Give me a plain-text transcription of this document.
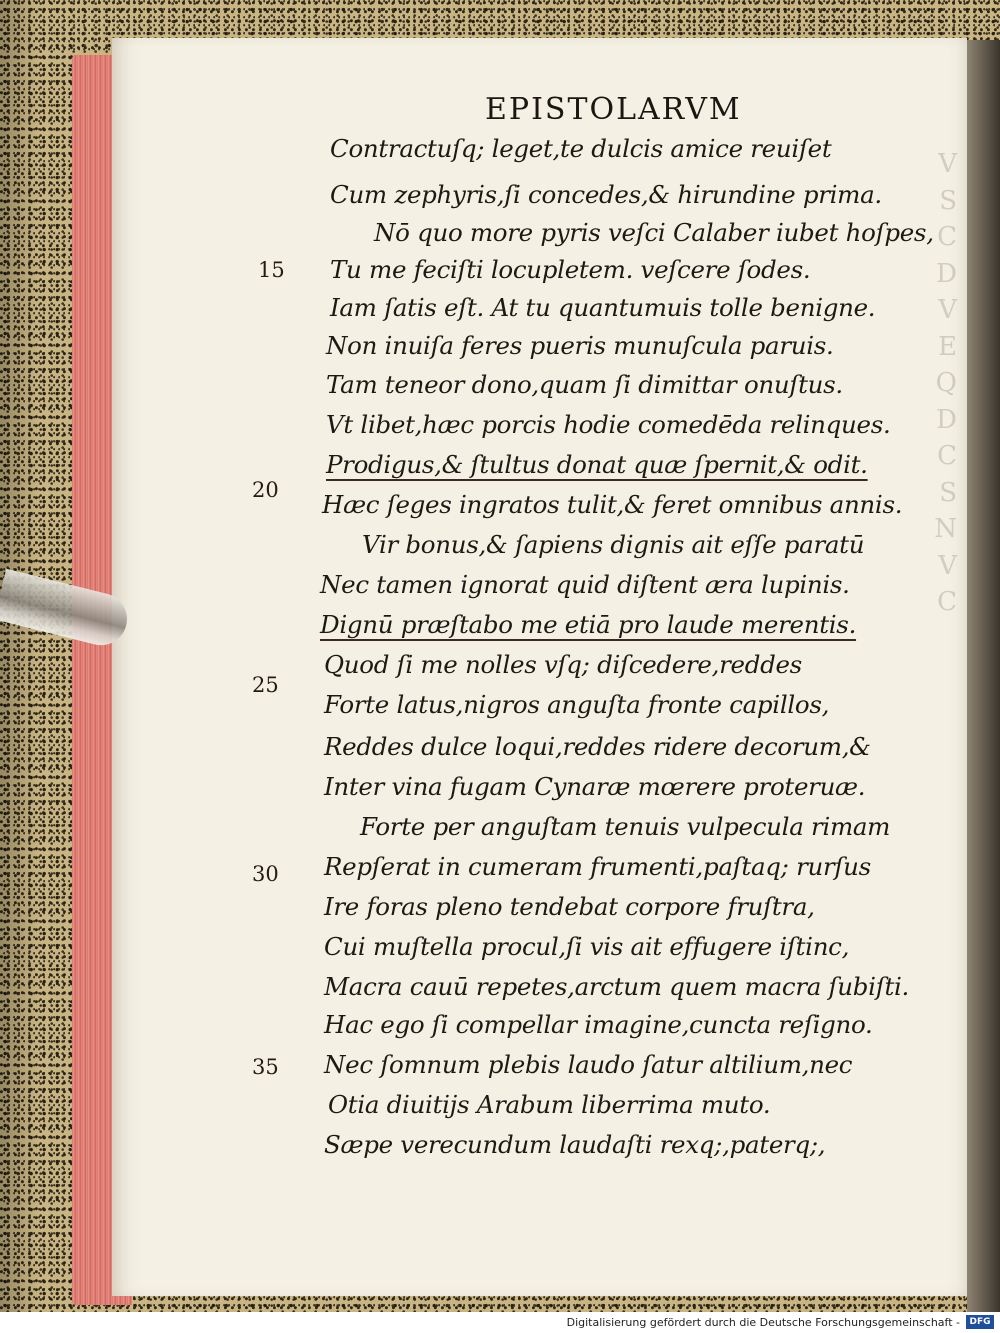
V
S
C
D
V
E
Q
D
C
S
N
V
C
EPISTOLARVM
Contractuſq; leget,te dulcis amice reuiſet
Cum zephyris,ſi concedes,& hirundine prima.
Nō quo more pyris veſci Calaber iubet hoſpes,
Tu me feciſti locupletem. veſcere ſodes.
Iam ſatis eſt. At tu quantumuis tolle benigne.
Non inuiſa feres pueris munuſcula paruis.
Tam teneor dono,quam ſi dimittar onuſtus.
Vt libet,hæc porcis hodie comedēda relinques.
Prodigus,& ſtultus donat quæ ſpernit,& odit.
Hæc ſeges ingratos tulit,& feret omnibus annis.
Vir bonus,& ſapiens dignis ait eſſe paratū
Nec tamen ignorat quid diſtent æra lupinis.
Dignū præſtabo me etiā pro laude merentis.
Quod ſi me nolles vſq; diſcedere,reddes
Forte latus,nigros anguſta fronte capillos,
Reddes dulce loqui,reddes ridere decorum,&
Inter vina fugam Cynaræ mœrere proteruæ.
Forte per anguſtam tenuis vulpecula rimam
Repſerat in cumeram frumenti,paſtaq; rurſus
Ire foras pleno tendebat corpore fruſtra,
Cui muſtella procul,ſi vis ait effugere iſtinc,
Macra cauū repetes,arctum quem macra ſubiſti.
Hac ego ſi compellar imagine,cuncta reſigno.
Nec ſomnum plebis laudo ſatur altilium,nec
Otia diuitijs Arabum liberrima muto.
Sæpe verecundum laudaſti rexq;,paterq;,
15
20
25
30
35
Digitalisierung gefördert durch die Deutsche Forschungsgemeinschaft -	DFG
